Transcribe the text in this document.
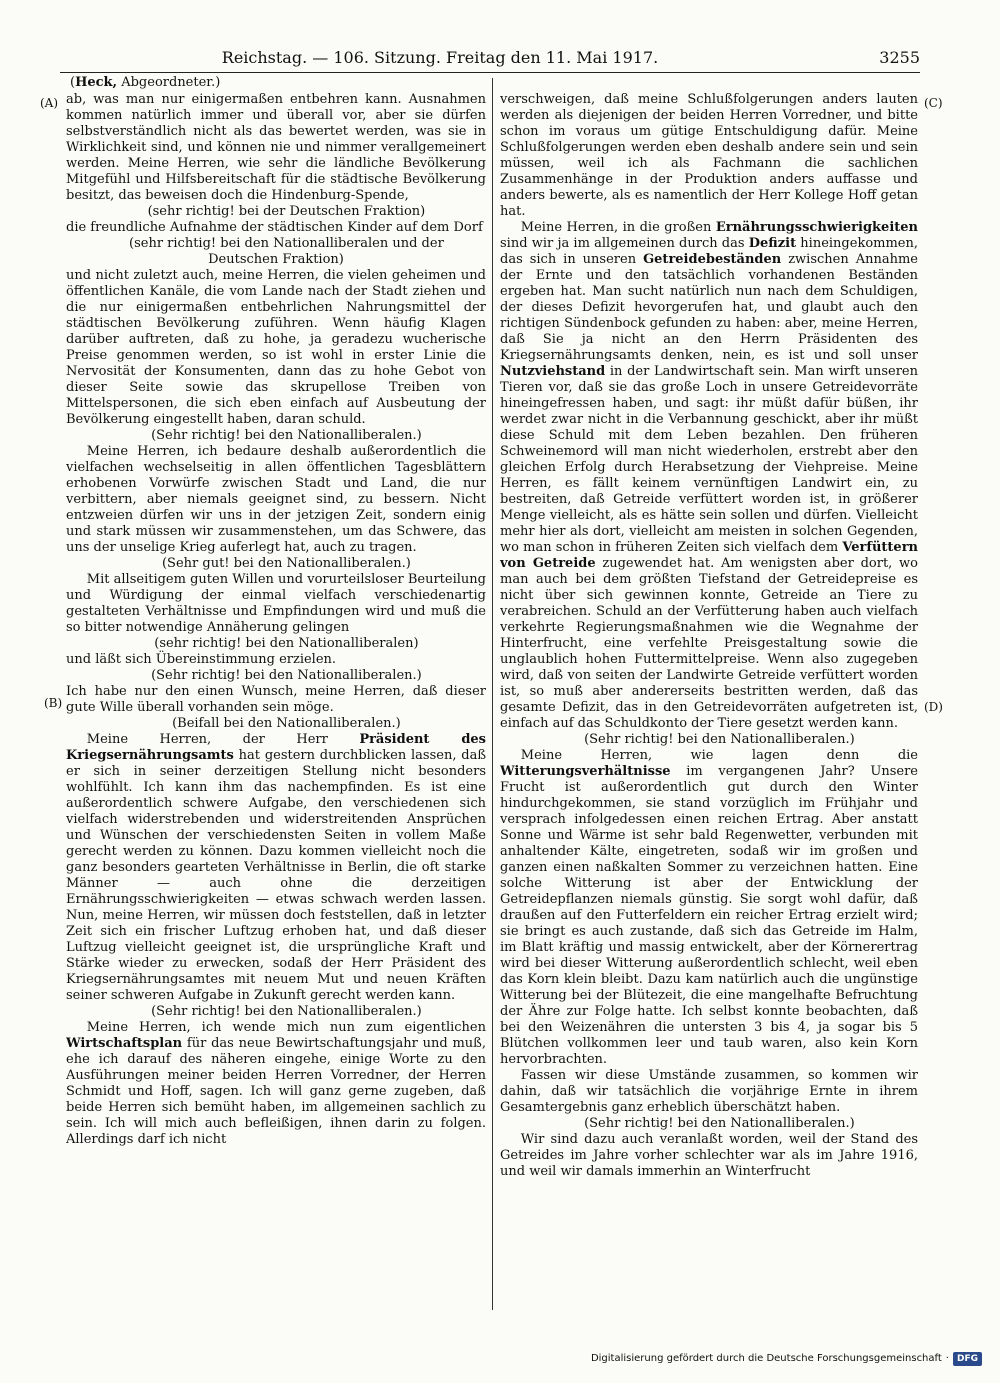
Reichstag. — 106. Sitzung. Freitag den 11. Mai 1917.	3255
(Heck, Abgeordneter.)
(A)
(B)
(C)
(D)

ab, was man nur einigermaßen entbehren kann. Ausnahmen kommen natürlich immer und überall vor, aber sie dürfen selbstverständlich nicht als das bewertet werden, was sie in Wirklichkeit sind, und können nie und nimmer verallgemeinert werden. Meine Herren, wie sehr die ländliche Bevölkerung Mitgefühl und Hilfsbereitschaft für die städtische Bevölkerung besitzt, das beweisen doch die Hindenburg-Spende,

(sehr richtig! bei der Deutschen Fraktion)

die freundliche Aufnahme der städtischen Kinder auf dem Dorf

(sehr richtig! bei den Nationalliberalen und der Deutschen Fraktion)

und nicht zuletzt auch, meine Herren, die vielen geheimen und öffentlichen Kanäle, die vom Lande nach der Stadt ziehen und die nur einigermaßen entbehrlichen Nahrungsmittel der städtischen Bevölkerung zuführen. Wenn häufig Klagen darüber auftreten, daß zu hohe, ja geradezu wucherische Preise genommen werden, so ist wohl in erster Linie die Nervosität der Konsumenten, dann das zu hohe Gebot von dieser Seite sowie das skrupellose Treiben von Mittelspersonen, die sich eben einfach auf Ausbeutung der Bevölkerung eingestellt haben, daran schuld.

(Sehr richtig! bei den Nationalliberalen.)

Meine Herren, ich bedaure deshalb außerordentlich die vielfachen wechselseitig in allen öffentlichen Tagesblättern erhobenen Vorwürfe zwischen Stadt und Land, die nur verbittern, aber niemals geeignet sind, zu bessern. Nicht entzweien dürfen wir uns in der jetzigen Zeit, sondern einig und stark müssen wir zusammenstehen, um das Schwere, das uns der unselige Krieg auferlegt hat, auch zu tragen.

(Sehr gut! bei den Nationalliberalen.)

Mit allseitigem guten Willen und vorurteilsloser Beurteilung und Würdigung der einmal vielfach verschiedenartig gestalteten Verhältnisse und Empfindungen wird und muß die so bitter notwendige Annäherung gelingen

(sehr richtig! bei den Nationalliberalen)

und läßt sich Übereinstimmung erzielen.

(Sehr richtig! bei den Nationalliberalen.)

Ich habe nur den einen Wunsch, meine Herren, daß dieser gute Wille überall vorhanden sein möge.

(Beifall bei den Nationalliberalen.)

Meine Herren, der Herr Präsident des Kriegsernährungsamts hat gestern durchblicken lassen, daß er sich in seiner derzeitigen Stellung nicht besonders wohlfühlt. Ich kann ihm das nachempfinden. Es ist eine außerordentlich schwere Aufgabe, den verschiedenen sich vielfach widerstrebenden und widerstreitenden Ansprüchen und Wünschen der verschiedensten Seiten in vollem Maße gerecht werden zu können. Dazu kommen vielleicht noch die ganz besonders gearteten Verhältnisse in Berlin, die oft starke Männer — auch ohne die derzeitigen Ernährungsschwierigkeiten — etwas schwach werden lassen. Nun, meine Herren, wir müssen doch feststellen, daß in letzter Zeit sich ein frischer Luftzug erhoben hat, und daß dieser Luftzug vielleicht geeignet ist, die ursprüngliche Kraft und Stärke wieder zu erwecken, sodaß der Herr Präsident des Kriegsernährungsamtes mit neuem Mut und neuen Kräften seiner schweren Aufgabe in Zukunft gerecht werden kann.

(Sehr richtig! bei den Nationalliberalen.)

Meine Herren, ich wende mich nun zum eigentlichen Wirtschaftsplan für das neue Bewirtschaftungsjahr und muß, ehe ich darauf des näheren eingehe, einige Worte zu den Ausführungen meiner beiden Herren Vorredner, der Herren Schmidt und Hoff, sagen. Ich will ganz gerne zugeben, daß beide Herren sich bemüht haben, im allgemeinen sachlich zu sein. Ich will mich auch befleißigen, ihnen darin zu folgen. Allerdings darf ich nicht

verschweigen, daß meine Schlußfolgerungen anders lauten werden als diejenigen der beiden Herren Vorredner, und bitte schon im voraus um gütige Entschuldigung dafür. Meine Schlußfolgerungen werden eben deshalb andere sein und sein müssen, weil ich als Fachmann die sachlichen Zusammenhänge in der Produktion anders auffasse und anders bewerte, als es namentlich der Herr Kollege Hoff getan hat.

Meine Herren, in die großen Ernährungsschwierigkeiten sind wir ja im allgemeinen durch das Defizit hineingekommen, das sich in unseren Getreidebeständen zwischen Annahme der Ernte und den tatsächlich vorhandenen Beständen ergeben hat. Man sucht natürlich nun nach dem Schuldigen, der dieses Defizit hevorgerufen hat, und glaubt auch den richtigen Sündenbock gefunden zu haben: aber, meine Herren, daß Sie ja nicht an den Herrn Präsidenten des Kriegsernährungsamts denken, nein, es ist und soll unser Nutzviehstand in der Landwirtschaft sein. Man wirft unseren Tieren vor, daß sie das große Loch in unsere Getreidevorräte hineingefressen haben, und sagt: ihr müßt dafür büßen, ihr werdet zwar nicht in die Verbannung geschickt, aber ihr müßt diese Schuld mit dem Leben bezahlen. Den früheren Schweinemord will man nicht wiederholen, erstrebt aber den gleichen Erfolg durch Herabsetzung der Viehpreise. Meine Herren, es fällt keinem vernünftigen Landwirt ein, zu bestreiten, daß Getreide verfüttert worden ist, in größerer Menge vielleicht, als es hätte sein sollen und dürfen. Vielleicht mehr hier als dort, vielleicht am meisten in solchen Gegenden, wo man schon in früheren Zeiten sich vielfach dem Verfüttern von Getreide zugewendet hat. Am wenigsten aber dort, wo man auch bei dem größten Tiefstand der Getreidepreise es nicht über sich gewinnen konnte, Getreide an Tiere zu verabreichen. Schuld an der Verfütterung haben auch vielfach verkehrte Regierungsmaßnahmen wie die Wegnahme der Hinterfrucht, eine verfehlte Preisgestaltung sowie die unglaublich hohen Futtermittelpreise. Wenn also zugegeben wird, daß von seiten der Landwirte Getreide verfüttert worden ist, so muß aber andererseits bestritten werden, daß das gesamte Defizit, das in den Getreidevorräten aufgetreten ist, einfach auf das Schuldkonto der Tiere gesetzt werden kann.

(Sehr richtig! bei den Nationalliberalen.)

Meine Herren, wie lagen denn die Witterungsverhältnisse im vergangenen Jahr? Unsere Frucht ist außerordentlich gut durch den Winter hindurchgekommen, sie stand vorzüglich im Frühjahr und versprach infolgedessen einen reichen Ertrag. Aber anstatt Sonne und Wärme ist sehr bald Regenwetter, verbunden mit anhaltender Kälte, eingetreten, sodaß wir im großen und ganzen einen naßkalten Sommer zu verzeichnen hatten. Eine solche Witterung ist aber der Entwicklung der Getreidepflanzen niemals günstig. Sie sorgt wohl dafür, daß draußen auf den Futterfeldern ein reicher Ertrag erzielt wird; sie bringt es auch zustande, daß sich das Getreide im Halm, im Blatt kräftig und massig entwickelt, aber der Körnerertrag wird bei dieser Witterung außerordentlich schlecht, weil eben das Korn klein bleibt. Dazu kam natürlich auch die ungünstige Witterung bei der Blütezeit, die eine mangelhafte Befruchtung der Ähre zur Folge hatte. Ich selbst konnte beobachten, daß bei den Weizenähren die untersten 3 bis 4, ja sogar bis 5 Blütchen vollkommen leer und taub waren, also kein Korn hervorbrachten.

Fassen wir diese Umstände zusammen, so kommen wir dahin, daß wir tatsächlich die vorjährige Ernte in ihrem Gesamtergebnis ganz erheblich überschätzt haben.

(Sehr richtig! bei den Nationalliberalen.)

Wir sind dazu auch veranlaßt worden, weil der Stand des Getreides im Jahre vorher schlechter war als im Jahre 1916, und weil wir damals immerhin an Winterfrucht

Digitalisierung gefördert durch die Deutsche Forschungsgemeinschaft · DFG
